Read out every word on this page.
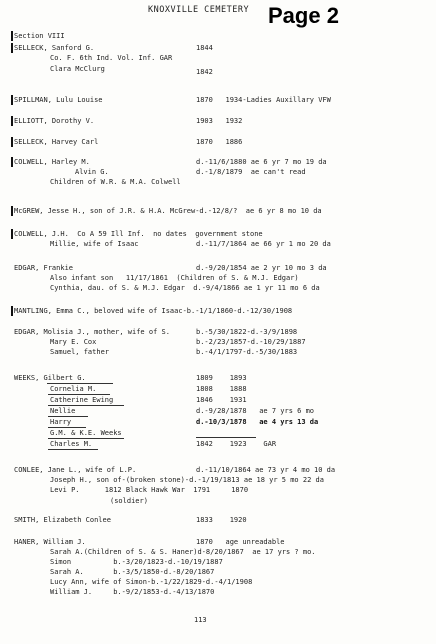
KNOXVILLE CEMETERY Page 2
Section VIII
SELLECK, Sanford G.	1844
Co. F. 6th Ind. Vol. Inf. GAR
Clara McClurg	1842
SPILLMAN, Lulu Louise	1870   1934-Ladies Auxillary VFW
ELLIOTT, Dorothy V.	1903   1932
SELLECK, Harvey Carl	1870   1886
COLWELL, Harley M.	d.-11/6/1880 ae 6 yr 7 mo 19 da
Alvin G.	d.-1/8/1879  ae can't read
Children of W.R. & M.A. Colwell
McGREW, Jesse H., son of J.R. & H.A. McGrew-d.-12/8/?  ae 6 yr 8 mo 10 da
COLWELL, J.H.  Co A 59 Ill Inf.  no dates  government stone
Millie, wife of Isaac	d.-11/7/1864 ae 66 yr 1 mo 20 da
EDGAR, Frankie	d.-9/20/1854 ae 2 yr 10 mo 3 da
Also infant son   11/17/1861  (Children of S. & M.J. Edgar)
Cynthia, dau. of S. & M.J. Edgar  d.-9/4/1866 ae 1 yr 11 mo 6 da
MANTLING, Emma C., beloved wife of Isaac-b.-1/1/1860-d.-12/30/1908
EDGAR, Molisia J., mother, wife of S.	b.-5/30/1822-d.-3/9/1898
Mary E. Cox	b.-2/23/1857-d.-10/29/1887
Samuel, father	b.-4/1/1797-d.-5/30/1883
WEEKS, Gilbert G.	1809    1893
Cornelia M.	1808    1888
Catherine Ewing	1846    1931
Nellie	d.-9/28/1878   ae 7 yrs 6 mo
Harry	d.-10/3/1878   ae 4 yrs 13 da
G.M. & K.E. Weeks
Charles M.	1842    1923    GAR
CONLEE, Jane L., wife of L.P.	d.-11/10/1864 ae 73 yr 4 mo 10 da
Joseph H., son of-(broken stone)-d.-1/19/1813 ae 18 yr 5 mo 22 da
Levi P.      1812 Black Hawk War  1791     1870
(soldier)
SMITH, Elizabeth Conlee	1833    1920
HANER, William J.	1870   age unreadable
Sarah A.(Children of S. & S. Haner)d-8/20/1867  ae 17 yrs ? mo.
Simon          b.-3/20/1823-d.-10/19/1887
Sarah A.       b.-3/5/1850-d.-8/20/1867
Lucy Ann, wife of Simon-b.-1/22/1829-d.-4/1/1908
William J.     b.-9/2/1853-d.-4/13/1870
113
